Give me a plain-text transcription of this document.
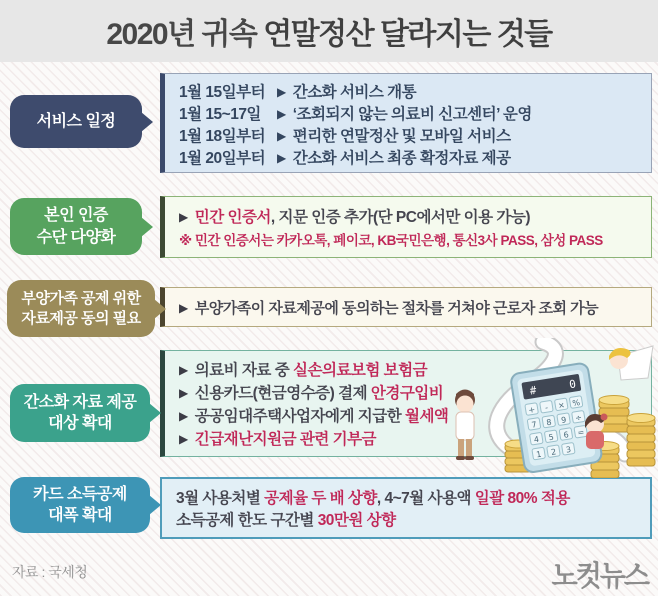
2020년 귀속 연말정산 달라지는 것들
서비스 일정
1월 15일부터 ▶ 간소화 서비스 개통
1월 15~17일 ▶ ‘조회되지 않는 의료비 신고센터’ 운영
1월 18일부터 ▶ 편리한 연말정산 및 모바일 서비스
1월 20일부터 ▶ 간소화 서비스 최종 확정자료 제공
본인 인증
수단 다양화
▶ 민간 인증서, 지문 인증 추가(단 PC에서만 이용 가능)
※ 민간 인증서는 카카오톡, 페이코, KB국민은행, 통신3사 PASS, 삼성 PASS
부양가족 공제 위한
자료제공 동의 필요
▶ 부양가족이 자료제공에 동의하는 절차를 거쳐야 근로자 조회 가능
간소화 자료 제공
대상 확대
▶ 의료비 자료 중 실손의료보험 보험금
▶ 신용카드(현금영수증) 결제 안경구입비
▶ 공공임대주택사업자에게 지급한 월세액
▶ 긴급재난지원금 관련 기부금
카드 소득공제
대폭 확대
3월 사용처별 공제율 두 배 상향, 4~7월 사용액 일괄 80% 적용
소득공제 한도 구간별 30만원 상향
#	0
+ - × %
7 8 9 ÷
4 5 6 =
1 2 3
자료 : 국세청	노컷뉴스
